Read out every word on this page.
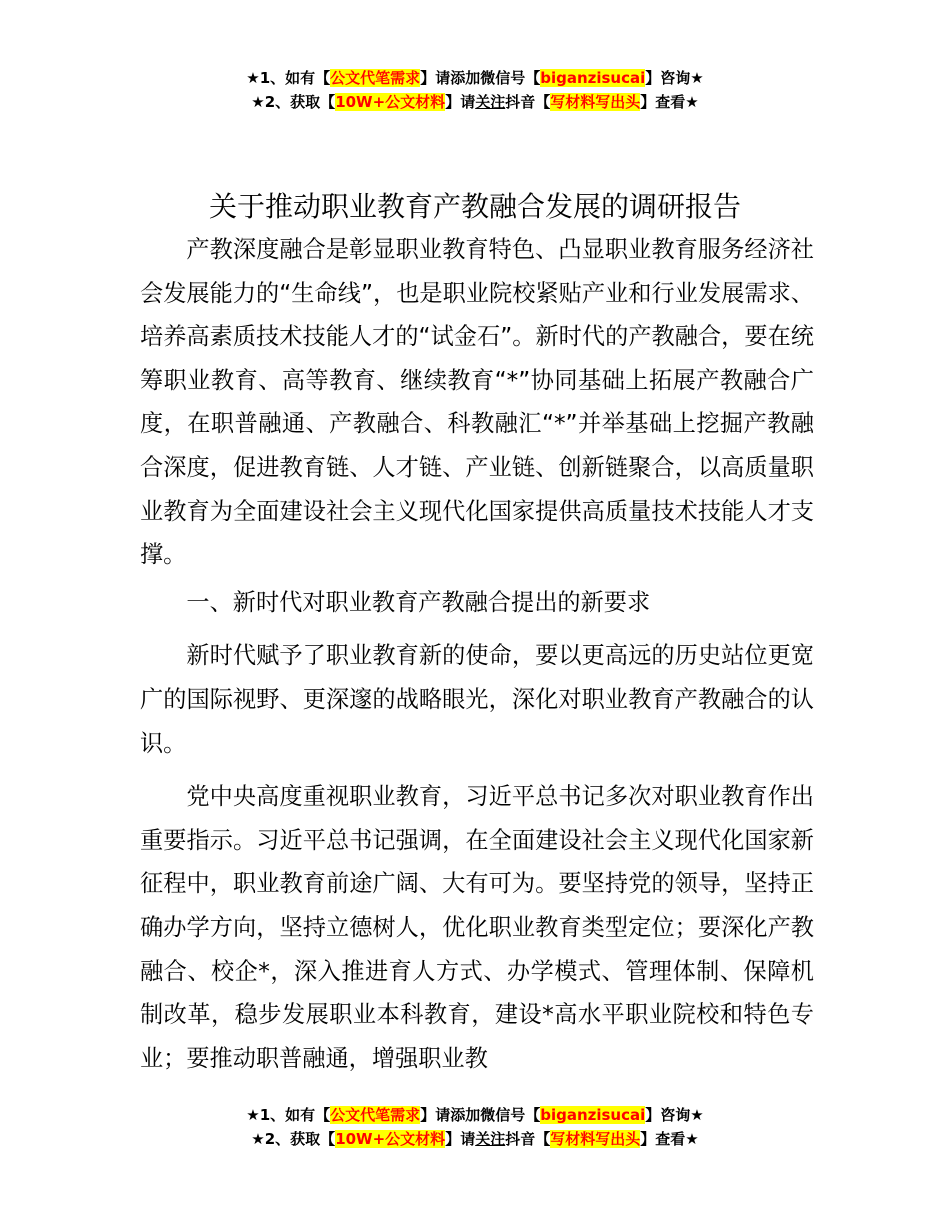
★1、如有【公文代笔需求】请添加微信号【biganzisucai】咨询★
★2、获取【10W+公文材料】请关注抖音【写材料写出头】查看★
关于推动职业教育产教融合发展的调研报告

产教深度融合是彰显职业教育特色、凸显职业教育服务经济社会发展能力的“生命线”，也是职业院校紧贴产业和行业发展需求、培养高素质技术技能人才的“试金石”。新时代的产教融合，要在统筹职业教育、高等教育、继续教育“*”协同基础上拓展产教融合广度，在职普融通、产教融合、科教融汇“*”并举基础上挖掘产教融合深度，促进教育链、人才链、产业链、创新链聚合，以高质量职业教育为全面建设社会主义现代化国家提供高质量技术技能人才支撑。

一、新时代对职业教育产教融合提出的新要求

新时代赋予了职业教育新的使命，要以更高远的历史站位更宽广的国际视野、更深邃的战略眼光，深化对职业教育产教融合的认识。

党中央高度重视职业教育，习近平总书记多次对职业教育作出重要指示。习近平总书记强调，在全面建设社会主义现代化国家新征程中，职业教育前途广阔、大有可为。要坚持党的领导，坚持正确办学方向，坚持立德树人，优化职业教育类型定位；要深化产教融合、校企*，深入推进育人方式、办学模式、管理体制、保障机制改革，稳步发展职业本科教育，建设*高水平职业院校和特色专业；要推动职普融通，增强职业教

★1、如有【公文代笔需求】请添加微信号【biganzisucai】咨询★
★2、获取【10W+公文材料】请关注抖音【写材料写出头】查看★
